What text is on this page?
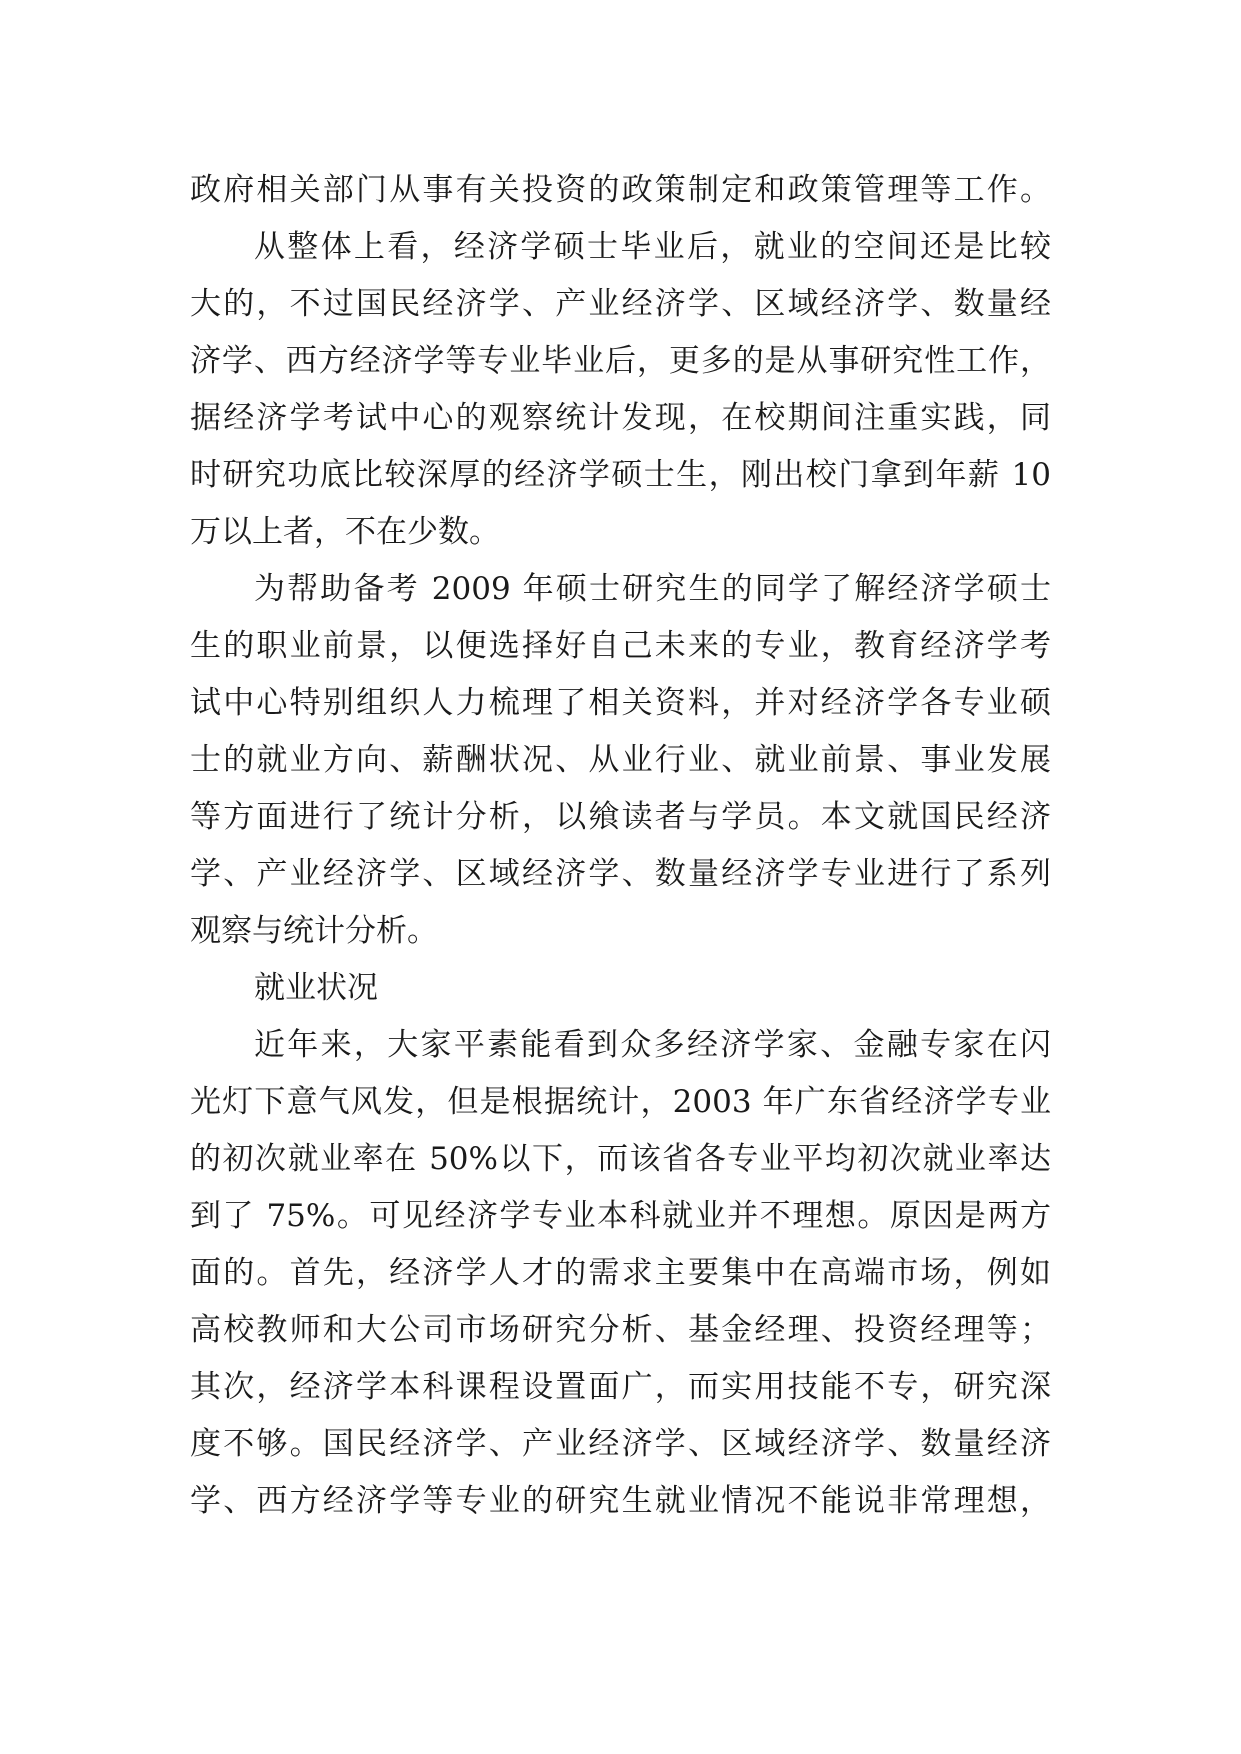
政府相关部门从事有关投资的政策制定和政策管理等工作。
从整体上看，经济学硕士毕业后，就业的空间还是比较
大的，不过国民经济学、产业经济学、区域经济学、数量经
济学、西方经济学等专业毕业后，更多的是从事研究性工作，
据经济学考试中心的观察统计发现，在校期间注重实践，同
时研究功底比较深厚的经济学硕士生，刚出校门拿到年薪 10
万以上者，不在少数。
为帮助备考 2009 年硕士研究生的同学了解经济学硕士
生的职业前景，以便选择好自己未来的专业，教育经济学考
试中心特别组织人力梳理了相关资料，并对经济学各专业硕
士的就业方向、薪酬状况、从业行业、就业前景、事业发展
等方面进行了统计分析，以飨读者与学员。本文就国民经济
学、产业经济学、区域经济学、数量经济学专业进行了系列
观察与统计分析。
就业状况
近年来，大家平素能看到众多经济学家、金融专家在闪
光灯下意气风发，但是根据统计，2003 年广东省经济学专业
的初次就业率在 50%以下，而该省各专业平均初次就业率达
到了 75%。可见经济学专业本科就业并不理想。原因是两方
面的。首先，经济学人才的需求主要集中在高端市场，例如
高校教师和大公司市场研究分析、基金经理、投资经理等；
其次，经济学本科课程设置面广，而实用技能不专，研究深
度不够。国民经济学、产业经济学、区域经济学、数量经济
学、西方经济学等专业的研究生就业情况不能说非常理想，
